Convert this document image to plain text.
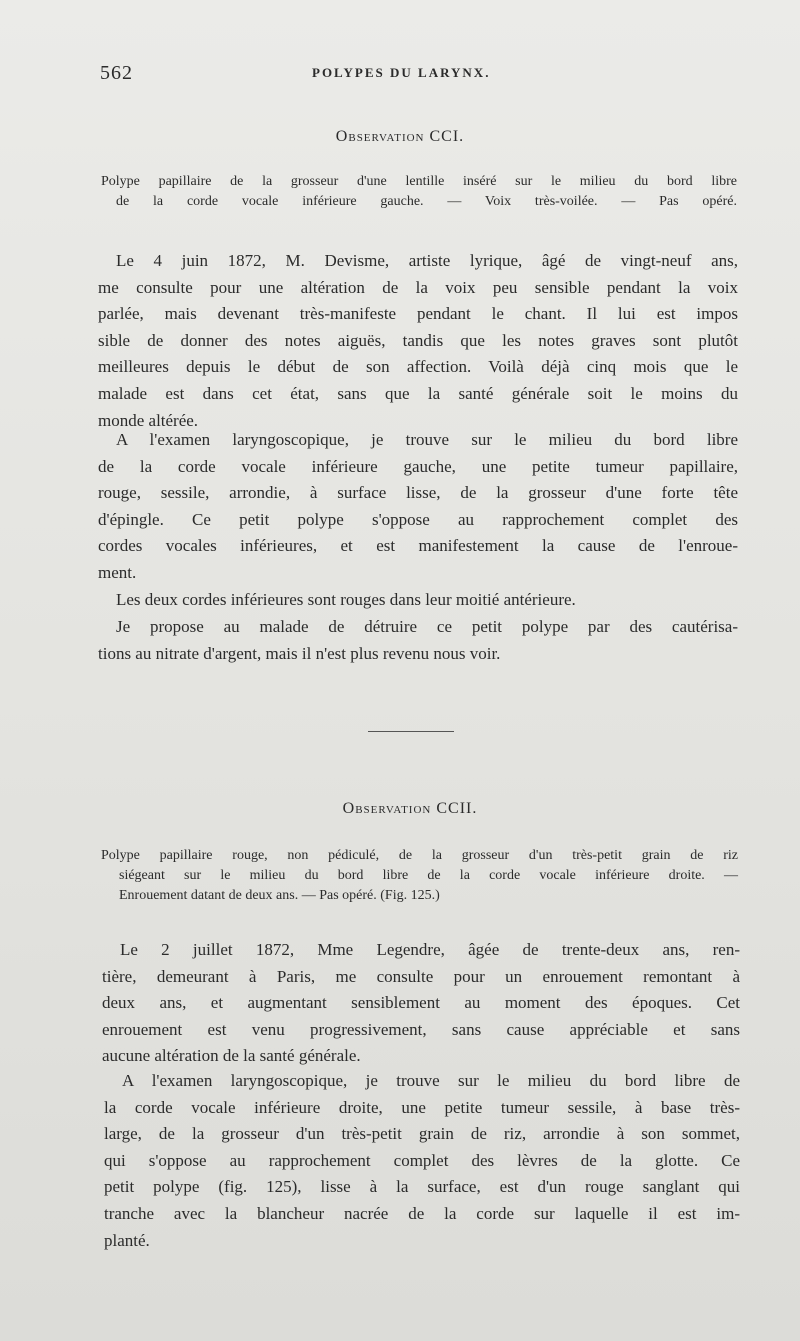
562	POLYPES DU LARYNX.
Observation CCI.
Polype papillaire de la grosseur d'une lentille inséré sur le milieu du bord libre
de la corde vocale inférieure gauche. — Voix très-voilée. — Pas opéré.
Le 4 juin 1872, M. Devisme, artiste lyrique, âgé de vingt-neuf ans,
me consulte pour une altération de la voix peu sensible pendant la voix
parlée, mais devenant très-manifeste pendant le chant. Il lui est impos
sible de donner des notes aiguës, tandis que les notes graves sont plutôt
meilleures depuis le début de son affection. Voilà déjà cinq mois que le
malade est dans cet état, sans que la santé générale soit le moins du
monde altérée.
A l'examen laryngoscopique, je trouve sur le milieu du bord libre
de la corde vocale inférieure gauche, une petite tumeur papillaire,
rouge, sessile, arrondie, à surface lisse, de la grosseur d'une forte tête
d'épingle. Ce petit polype s'oppose au rapprochement complet des
cordes vocales inférieures, et est manifestement la cause de l'enroue-
ment.
Les deux cordes inférieures sont rouges dans leur moitié antérieure.
Je propose au malade de détruire ce petit polype par des cautérisa-
tions au nitrate d'argent, mais il n'est plus revenu nous voir.
Observation CCII.
Polype papillaire rouge, non pédiculé, de la grosseur d'un très-petit grain de riz
siégeant sur le milieu du bord libre de la corde vocale inférieure droite. —
Enrouement datant de deux ans. — Pas opéré. (Fig. 125.)
Le 2 juillet 1872, Mme Legendre, âgée de trente-deux ans, ren-
tière, demeurant à Paris, me consulte pour un enrouement remontant à
deux ans, et augmentant sensiblement au moment des époques. Cet
enrouement est venu progressivement, sans cause appréciable et sans
aucune altération de la santé générale.
A l'examen laryngoscopique, je trouve sur le milieu du bord libre de
la corde vocale inférieure droite, une petite tumeur sessile, à base très-
large, de la grosseur d'un très-petit grain de riz, arrondie à son sommet,
qui s'oppose au rapprochement complet des lèvres de la glotte. Ce
petit polype (fig. 125), lisse à la surface, est d'un rouge sanglant qui
tranche avec la blancheur nacrée de la corde sur laquelle il est im-
planté.
